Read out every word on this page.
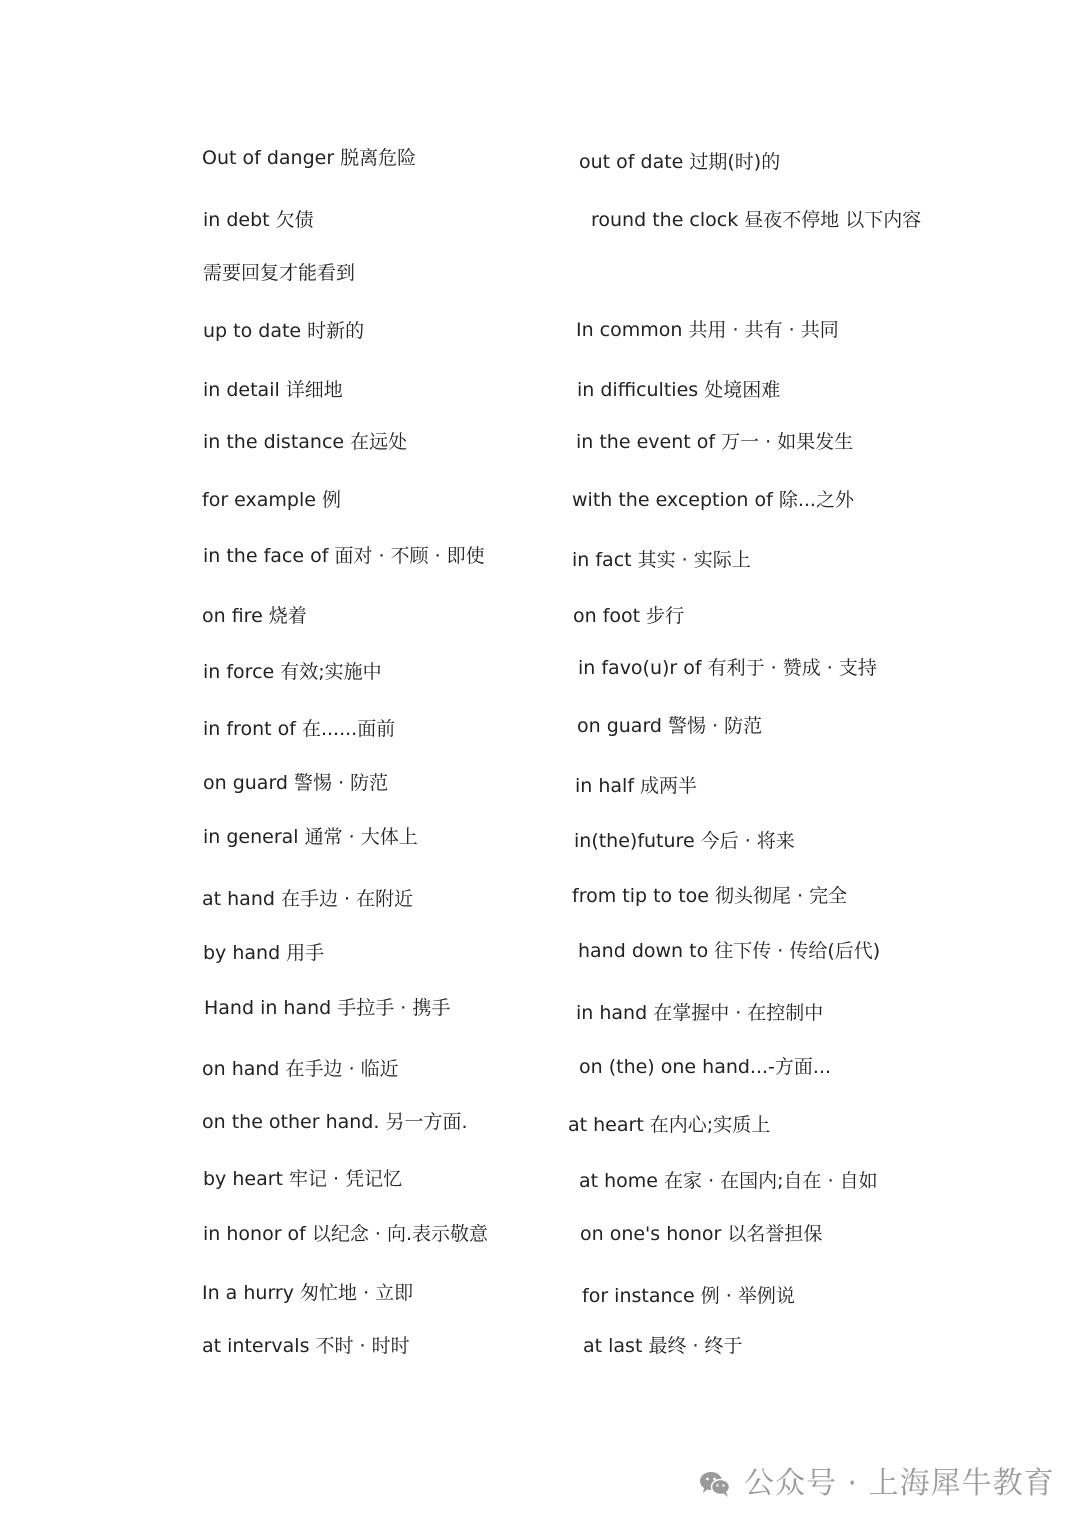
Out of danger 脱离危险	out of date 过期(时)的
in debt 欠债	round the clock 昼夜不停地 以下内容
需要回复才能看到
up to date 时新的	In common 共用 · 共有 · 共同
in detail 详细地	in difficulties 处境困难
in the distance 在远处	in the event of 万一 · 如果发生
for example 例	with the exception of 除...之外
in the face of 面对 · 不顾 · 即使	in fact 其实 · 实际上
on fire 烧着	on foot 步行
in force 有效;实施中	in favo(u)r of 有利于 · 赞成 · 支持
in front of 在......面前	on guard 警惕 · 防范
on guard 警惕 · 防范	in half 成两半
in general 通常 · 大体上	in(the)future 今后 · 将来
at hand 在手边 · 在附近	from tip to toe 彻头彻尾 · 完全
by hand 用手	hand down to 往下传 · 传给(后代)
Hand in hand 手拉手 · 携手	in hand 在掌握中 · 在控制中
on hand 在手边 · 临近	on (the) one hand...-方面...
on the other hand. 另一方面.	at heart 在内心;实质上
by heart 牢记 · 凭记忆	at home 在家 · 在国内;自在 · 自如
in honor of 以纪念 · 向.表示敬意	on one's honor 以名誉担保
In a hurry 匆忙地 · 立即	for instance 例 · 举例说
at intervals 不时 · 时时	at last 最终 · 终于
公众号 · 上海犀牛教育
